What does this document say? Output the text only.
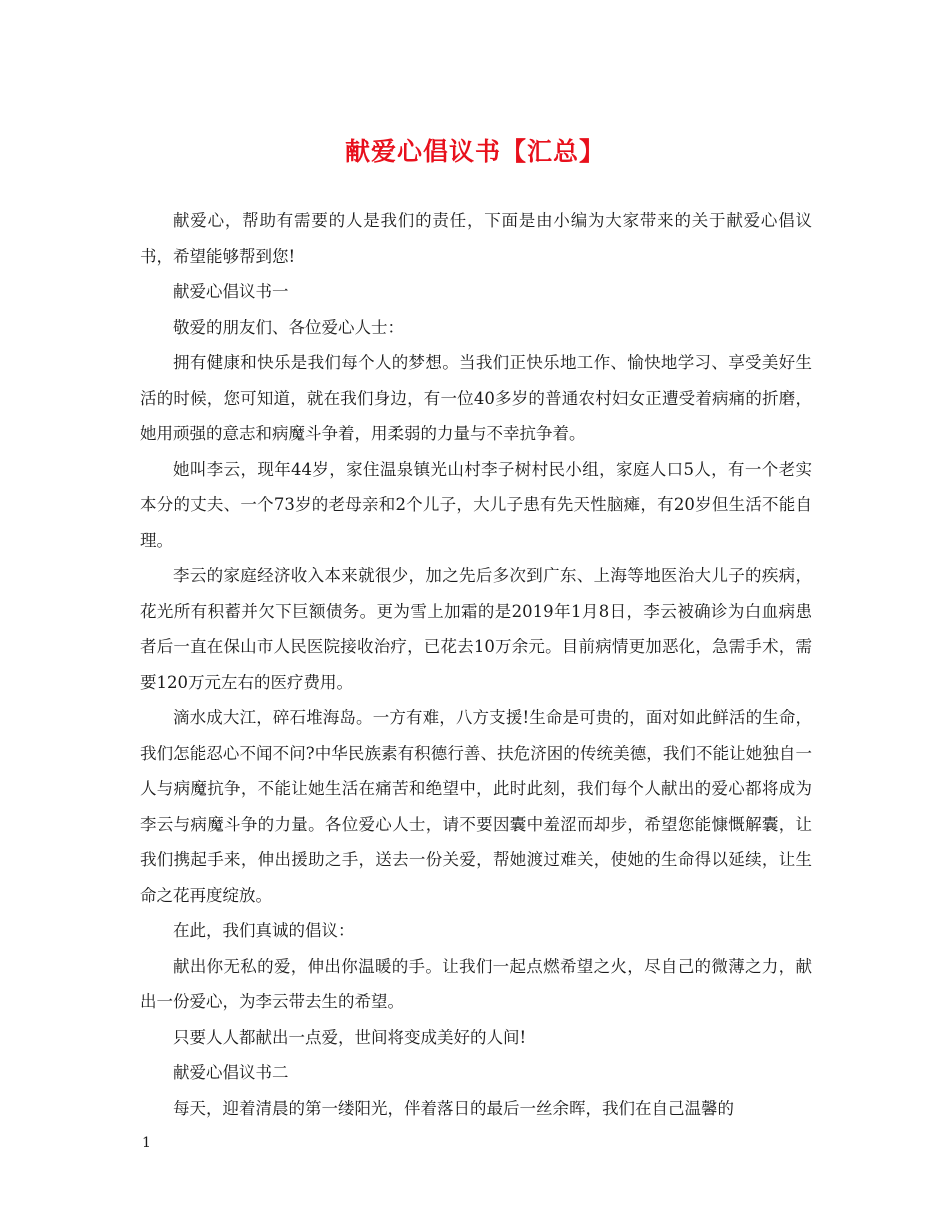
献爱心倡议书【汇总】

献爱心，帮助有需要的人是我们的责任，下面是由小编为大家带来的关于献爱心倡议书，希望能够帮到您!

献爱心倡议书一

敬爱的朋友们、各位爱心人士：

拥有健康和快乐是我们每个人的梦想。当我们正快乐地工作、愉快地学习、享受美好生活的时候，您可知道，就在我们身边，有一位40多岁的普通农村妇女正遭受着病痛的折磨，她用顽强的意志和病魔斗争着，用柔弱的力量与不幸抗争着。

她叫李云，现年44岁，家住温泉镇光山村李子树村民小组，家庭人口5人，有一个老实本分的丈夫、一个73岁的老母亲和2个儿子，大儿子患有先天性脑瘫，有20岁但生活不能自理。

李云的家庭经济收入本来就很少，加之先后多次到广东、上海等地医治大儿子的疾病，花光所有积蓄并欠下巨额债务。更为雪上加霜的是2019年1月8日，李云被确诊为白血病患者后一直在保山市人民医院接收治疗，已花去10万余元。目前病情更加恶化，急需手术，需要120万元左右的医疗费用。

滴水成大江，碎石堆海岛。一方有难，八方支援!生命是可贵的，面对如此鲜活的生命，我们怎能忍心不闻不问?中华民族素有积德行善、扶危济困的传统美德，我们不能让她独自一人与病魔抗争，不能让她生活在痛苦和绝望中，此时此刻，我们每个人献出的爱心都将成为李云与病魔斗争的力量。各位爱心人士，请不要因囊中羞涩而却步，希望您能慷慨解囊，让我们携起手来，伸出援助之手，送去一份关爱，帮她渡过难关，使她的生命得以延续，让生命之花再度绽放。

在此，我们真诚的倡议：

献出你无私的爱，伸出你温暖的手。让我们一起点燃希望之火，尽自己的微薄之力，献出一份爱心，为李云带去生的希望。

只要人人都献出一点爱，世间将变成美好的人间!

献爱心倡议书二

每天，迎着清晨的第一缕阳光，伴着落日的最后一丝余晖，我们在自己温馨的

1
